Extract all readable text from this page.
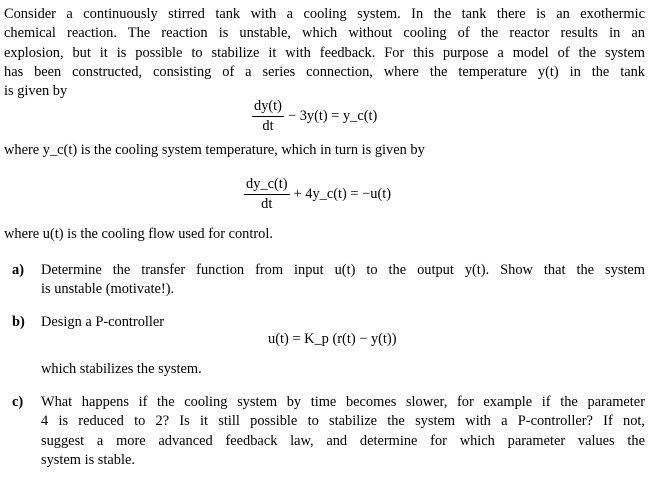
Consider a continuously stirred tank with a cooling system. In the tank there is an exothermic
chemical reaction. The reaction is unstable, which without cooling of the reactor results in an
explosion, but it is possible to stabilize it with feedback. For this purpose a model of the system
has been constructed, consisting of a series connection, where the temperature y(t) in the tank
is given by
$\frac{dy(t)}{dt} - 3y(t)$ = y_c(t)
where y_c(t) is the cooling system temperature, which in turn is given by
$\frac{dy\_c(t)}{dt}$ + 4y_c(t) = −u(t)
where u(t) is the cooling flow used for control.
a) Determine the transfer function from input u(t) to the output y(t). Show that the system
is unstable (motivate!).
b) Design a P-controller
u(t) = K_p (r(t) − y(t))
which stabilizes the system.
c) What happens if the cooling system by time becomes slower, for example if the parameter
4 is reduced to 2? Is it still possible to stabilize the system with a P-controller? If not,
suggest a more advanced feedback law, and determine for which parameter values the
system is stable.
